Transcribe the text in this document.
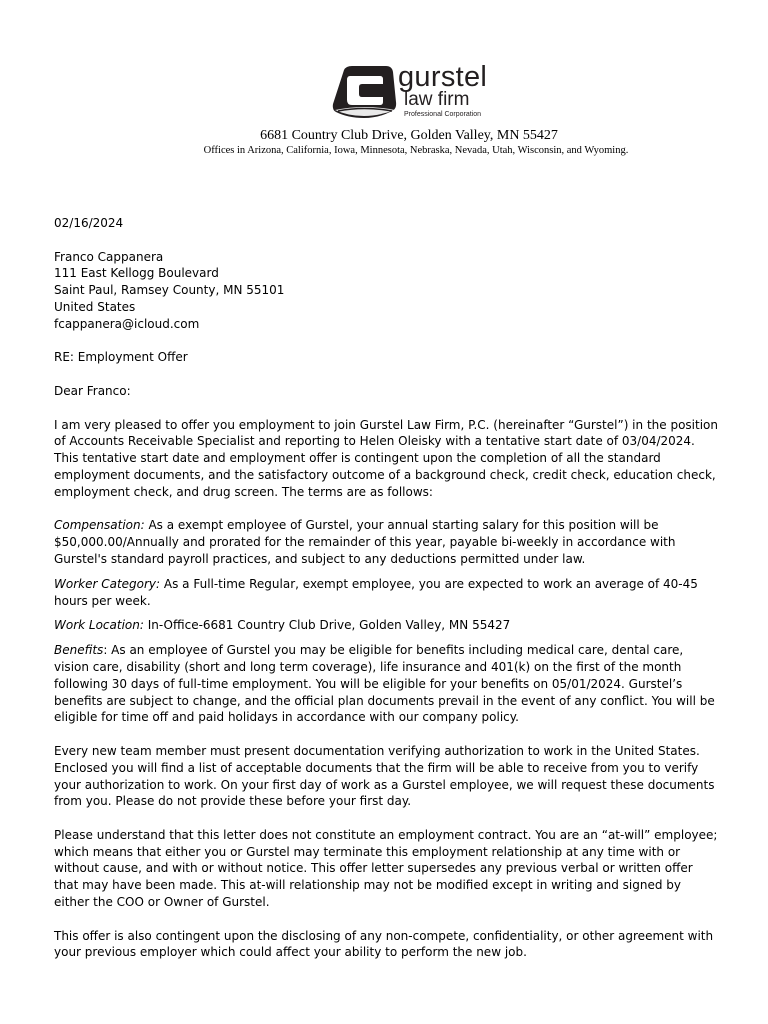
gurstel
law firm
Professional Corporation
6681 Country Club Drive, Golden Valley, MN 55427
Offices in Arizona, California, Iowa, Minnesota, Nebraska, Nevada, Utah, Wisconsin, and Wyoming.

02/16/2024

Franco Cappanera

111 East Kellogg Boulevard

Saint Paul, Ramsey County, MN 55101

United States

fcappanera@icloud.com

RE: Employment Offer

Dear Franco:

I am very pleased to offer you employment to join Gurstel Law Firm, P.C. (hereinafter “Gurstel”) in the position of Accounts Receivable Specialist and reporting to Helen Oleisky with a tentative start date of 03/04/2024. This tentative start date and employment offer is contingent upon the completion of all the standard employment documents, and the satisfactory outcome of a background check, credit check, education check, employment check, and drug screen. The terms are as follows:

Compensation: As a exempt employee of Gurstel, your annual starting salary for this position will be $50,000.00/Annually and prorated for the remainder of this year, payable bi-weekly in accordance with Gurstel's standard payroll practices, and subject to any deductions permitted under law.

Worker Category: As a Full-time Regular, exempt employee, you are expected to work an average of 40-45 hours per week.

Work Location: In-Office-6681 Country Club Drive, Golden Valley, MN 55427

Benefits: As an employee of Gurstel you may be eligible for benefits including medical care, dental care, vision care, disability (short and long term coverage), life insurance and 401(k) on the first of the month following 30 days of full-time employment. You will be eligible for your benefits on 05/01/2024. Gurstel’s benefits are subject to change, and the official plan documents prevail in the event of any conflict. You will be eligible for time off and paid holidays in accordance with our company policy.

Every new team member must present documentation verifying authorization to work in the United States. Enclosed you will find a list of acceptable documents that the firm will be able to receive from you to verify your authorization to work. On your first day of work as a Gurstel employee, we will request these documents from you. Please do not provide these before your first day.

Please understand that this letter does not constitute an employment contract. You are an “at-will” employee; which means that either you or Gurstel may terminate this employment relationship at any time with or without cause, and with or without notice. This offer letter supersedes any previous verbal or written offer that may have been made. This at-will relationship may not be modified except in writing and signed by either the COO or Owner of Gurstel.

This offer is also contingent upon the disclosing of any non-compete, confidentiality, or other agreement with your previous employer which could affect your ability to perform the new job.
